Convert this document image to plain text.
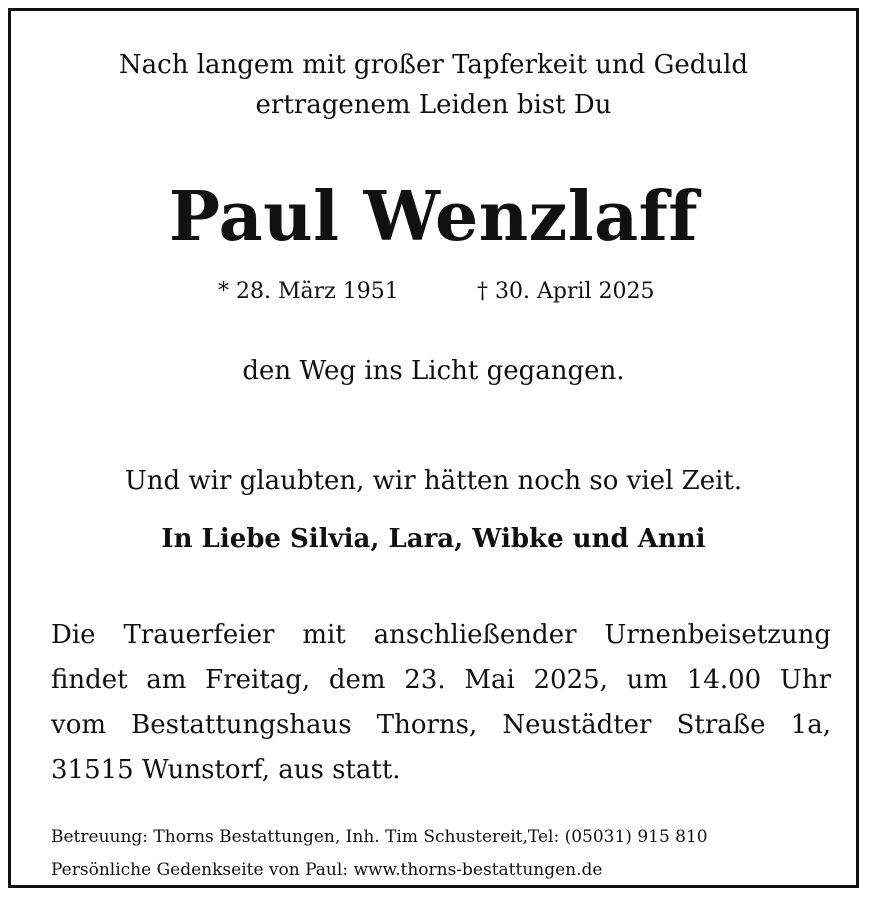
Nach langem mit großer Tapferkeit und Geduld
ertragenem Leiden bist Du
Paul Wenzlaff
* 28. März 1951	† 30. April 2025
den Weg ins Licht gegangen.
Und wir glaubten, wir hätten noch so viel Zeit.
In Liebe Silvia, Lara, Wibke und Anni
Die Trauerfeier mit anschließender Urnenbeisetzung
findet am Freitag, dem 23. Mai 2025, um 14.00 Uhr
vom Bestattungshaus Thorns, Neustädter Straße 1a,
31515 Wunstorf, aus statt.
Betreuung: Thorns Bestattungen, Inh. Tim Schustereit,Tel: (05031) 915 810
Persönliche Gedenkseite von Paul: www.thorns-bestattungen.de
